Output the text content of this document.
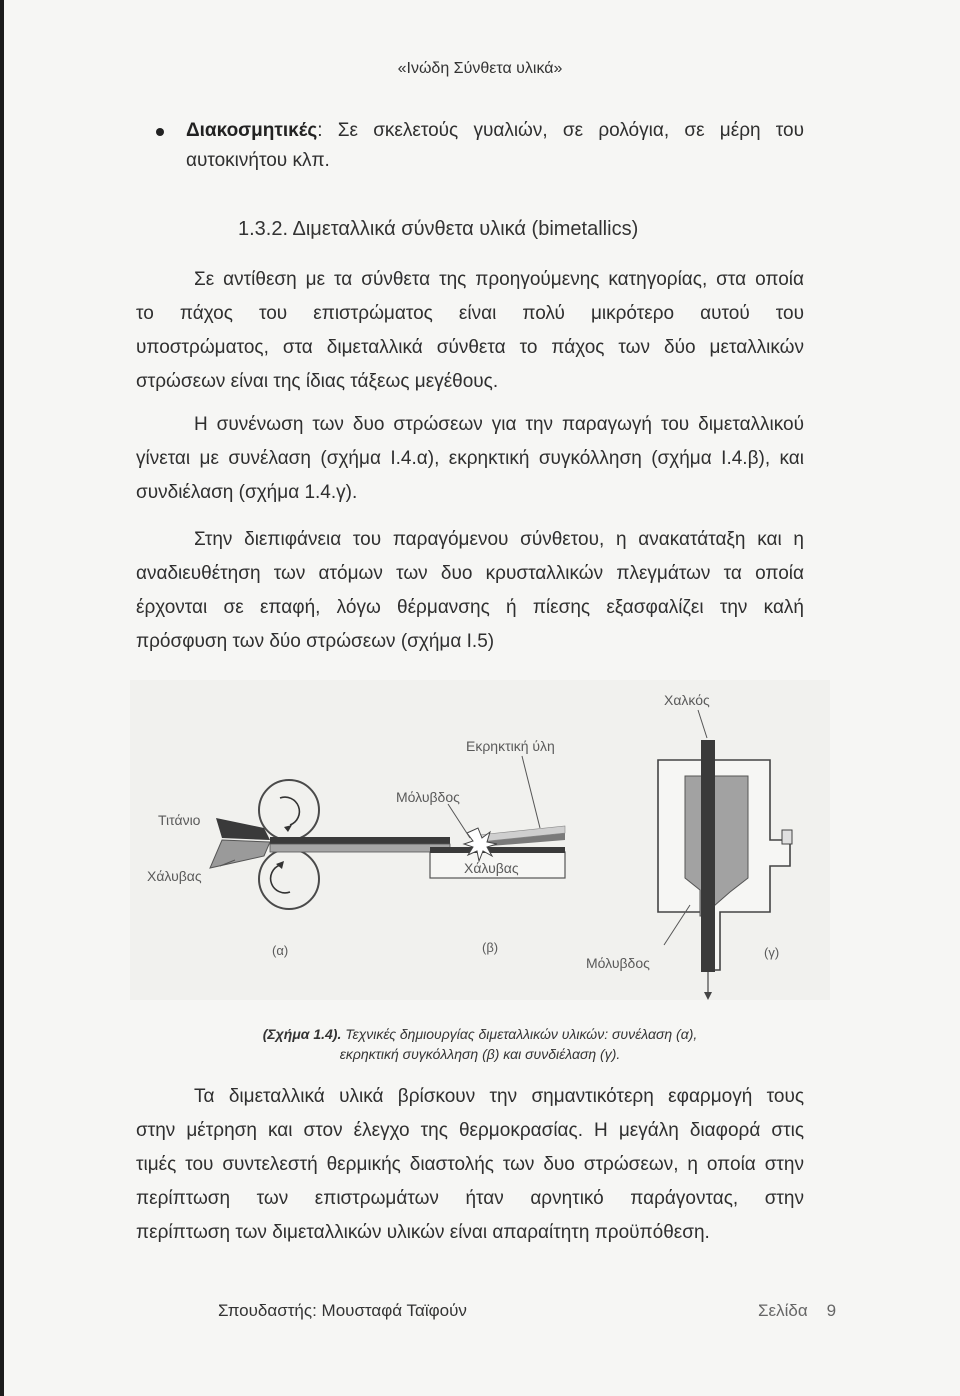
«Ινώδη Σύνθετα υλικά»
Διακοσμητικές: Σε σκελετούς γυαλιών, σε ρολόγια, σε μέρη του
αυτοκινήτου κλπ.
1.3.2. Διμεταλλικά σύνθετα υλικά (bimetallics)
Σε αντίθεση με τα σύνθετα της προηγούμενης κατηγορίας, στα οποία
το πάχος του επιστρώματος είναι πολύ μικρότερο αυτού του
υποστρώματος, στα διμεταλλικά σύνθετα το πάχος των δύο μεταλλικών
στρώσεων είναι της ίδιας τάξεως μεγέθους.
Η συνένωση των δυο στρώσεων για την παραγωγή του διμεταλλικού
γίνεται με συνέλαση (σχήμα Ι.4.α), εκρηκτική συγκόλληση (σχήμα Ι.4.β), και
συνδιέλαση (σχήμα 1.4.γ).
Στην διεπιφάνεια του παραγόμενου σύνθετου, η ανακατάταξη και η
αναδιευθέτηση των ατόμων των δυο κρυσταλλικών πλεγμάτων τα οποία
έρχονται σε επαφή, λόγω θέρμανσης ή πίεσης εξασφαλίζει την καλή
πρόσφυση των δύο στρώσεων (σχήμα Ι.5)
Τιτάνιο
Χάλυβας
(α)
Εκρηκτική ύλη
Μόλυβδος
Χάλυβας
(β)
Χαλκός
Μόλυβδος
(γ)
(Σχήμα 1.4). Τεχνικές δημιουργίας διμεταλλικών υλικών: συνέλαση (α),
εκρηκτική συγκόλληση (β) και συνδιέλαση (γ).
Τα διμεταλλικά υλικά βρίσκουν την σημαντικότερη εφαρμογή τους
στην μέτρηση και στον έλεγχο της θερμοκρασίας. Η μεγάλη διαφορά στις
τιμές του συντελεστή θερμικής διαστολής των δυο στρώσεων, η οποία στην
περίπτωση των επιστρωμάτων ήταν αρνητικό παράγοντας, στην
περίπτωση των διμεταλλικών υλικών είναι απαραίτητη προϋπόθεση.
Σπουδαστής: Μουσταφά Ταϊφούν	Σελίδα 9
